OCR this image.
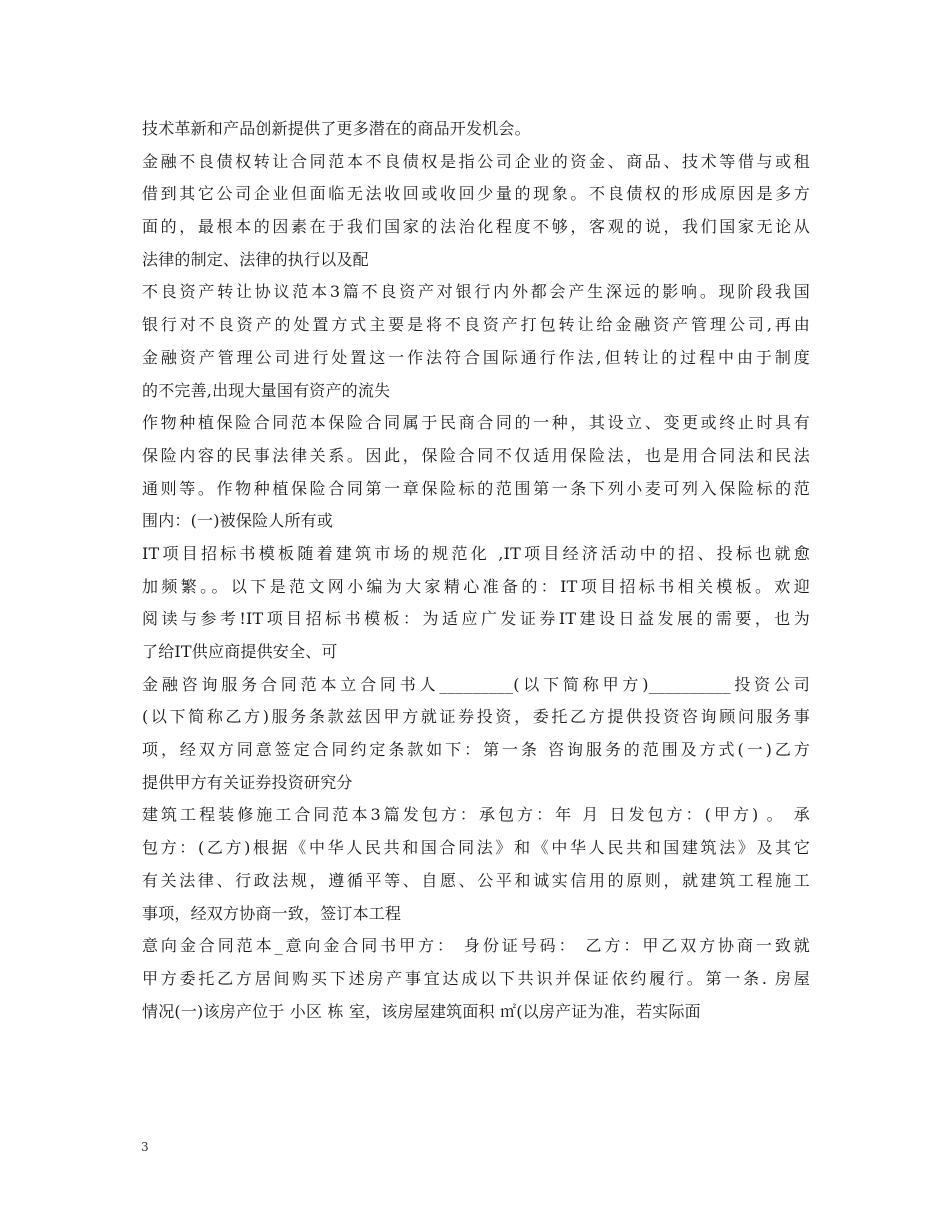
技术革新和产品创新提供了更多潜在的商品开发机会。
金融不良债权转让合同范本不良债权是指公司企业的资金、商品、技术等借与或租
借到其它公司企业但面临无法收回或收回少量的现象。不良债权的形成原因是多方
面的，最根本的因素在于我们国家的法治化程度不够，客观的说，我们国家无论从
法律的制定、法律的执行以及配
不良资产转让协议范本3篇不良资产对银行内外都会产生深远的影响。现阶段我国
银行对不良资产的处置方式主要是将不良资产打包转让给金融资产管理公司,再由
金融资产管理公司进行处置这一作法符合国际通行作法,但转让的过程中由于制度
的不完善,出现大量国有资产的流失
作物种植保险合同范本保险合同属于民商合同的一种，其设立、变更或终止时具有
保险内容的民事法律关系。因此，保险合同不仅适用保险法，也是用合同法和民法
通则等。作物种植保险合同第一章保险标的范围第一条下列小麦可列入保险标的范
围内：(一)被保险人所有或
IT项目招标书模板随着建筑市场的规范化 ,IT项目经济活动中的招、投标也就愈
加频繁。。以下是范文网小编为大家精心准备的：IT项目招标书相关模板。欢迎
阅读与参考!IT项目招标书模板：为适应广发证券IT建设日益发展的需要，也为
了给IT供应商提供安全、可
金融咨询服务合同范本立合同书人_________(以下简称甲方)__________投资公司
(以下简称乙方)服务条款兹因甲方就证券投资，委托乙方提供投资咨询顾问服务事
项，经双方同意签定合同约定条款如下：第一条 咨询服务的范围及方式(一)乙方
提供甲方有关证券投资研究分
建筑工程装修施工合同范本3篇发包方：承包方：年 月 日发包方：(甲方) 。 承
包方：(乙方)根据《中华人民共和国合同法》和《中华人民共和国建筑法》及其它
有关法律、行政法规，遵循平等、自愿、公平和诚实信用的原则，就建筑工程施工
事项，经双方协商一致，签订本工程
意向金合同范本_意向金合同书甲方： 身份证号码： 乙方：甲乙双方协商一致就
甲方委托乙方居间购买下述房产事宜达成以下共识并保证依约履行。第一条. 房屋
情况(一)该房产位于 小区 栋 室，该房屋建筑面积 ㎡(以房产证为准，若实际面
3
